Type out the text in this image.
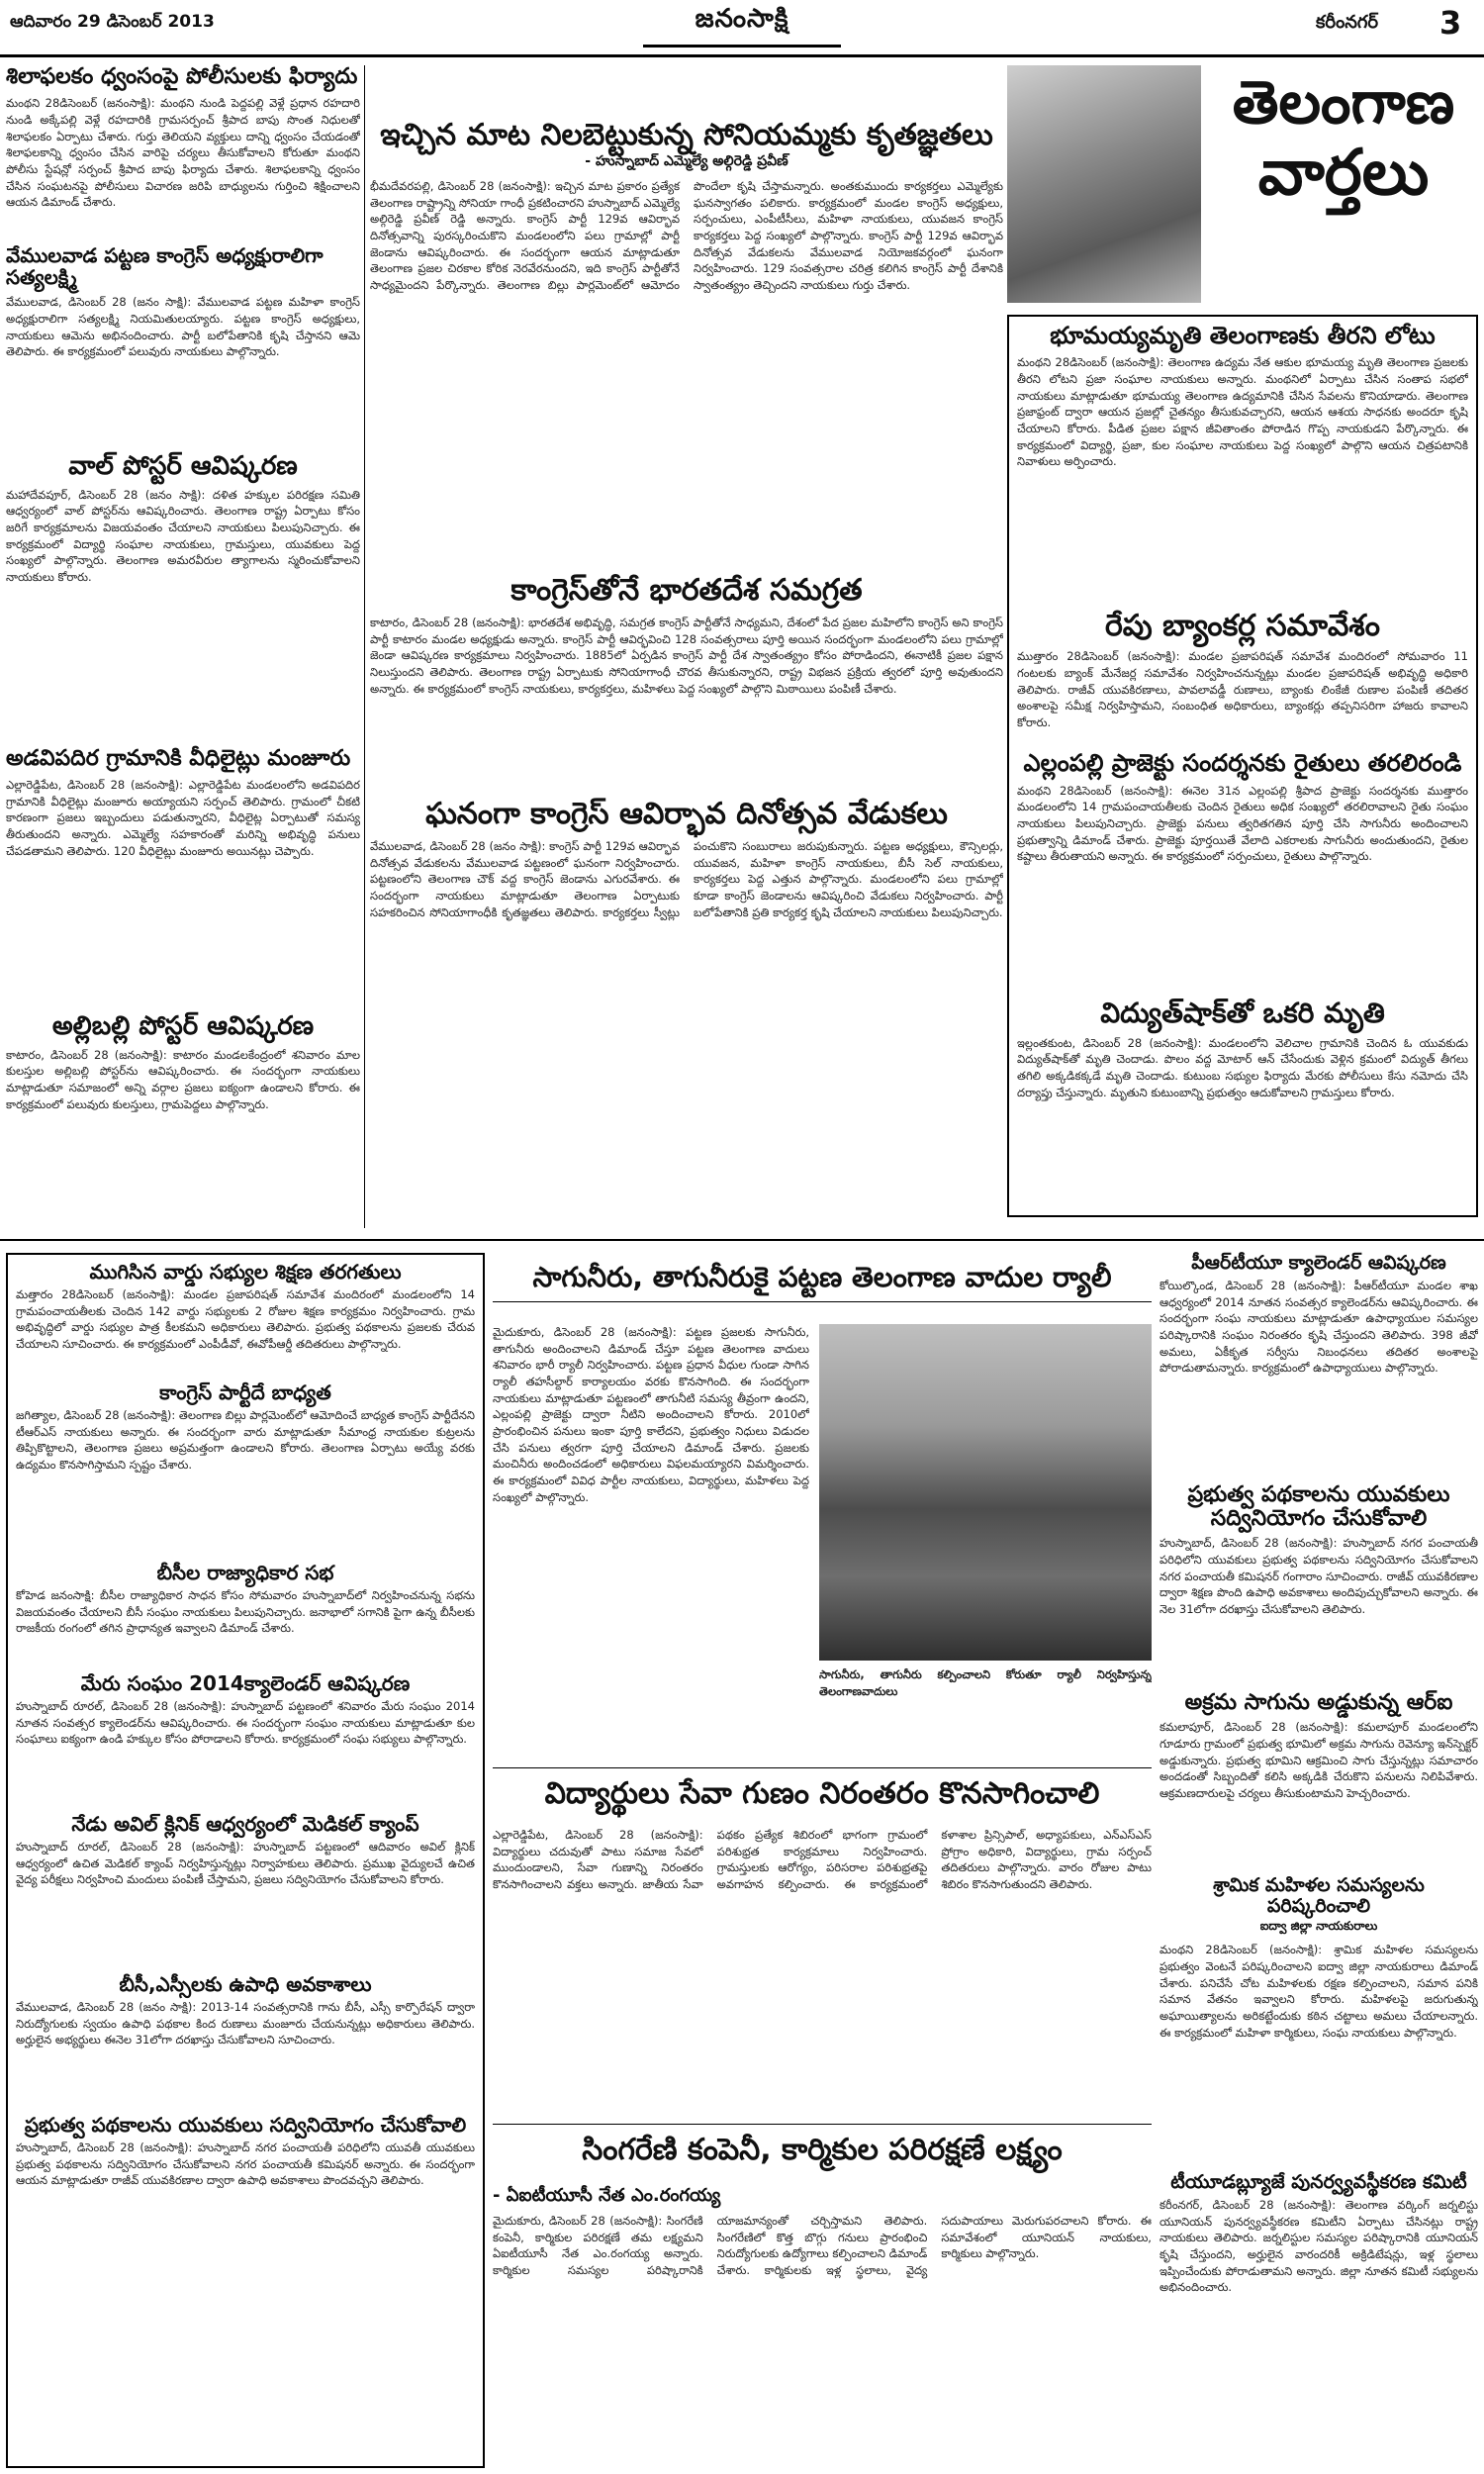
ఆదివారం 29 డిసెంబర్ 2013	జనంసాక్షి	కరీంనగర్ 3
శిలాఫలకం ధ్వంసంపై పోలీసులకు ఫిర్యాదు
మంథని 28డిసెంబర్ (జనంసాక్షి): మంథని నుండి పెద్దపల్లి వెళ్లే ప్రధాన రహదారి నుండి అక్కేపల్లి వెళ్లే రహదారికి గ్రామసర్పంచ్ శ్రీపాద బాపు సొంత నిధులతో శిలాఫలకం ఏర్పాటు చేశారు. గుర్తు తెలియని వ్యక్తులు దాన్ని ధ్వంసం చేయడంతో శిలాఫలకాన్ని ధ్వంసం చేసిన వారిపై చర్యలు తీసుకోవాలని కోరుతూ మంథని పోలీసు స్టేషన్లో సర్పంచ్ శ్రీపాద బాపు ఫిర్యాదు చేశారు. శిలాఫలకాన్ని ధ్వంసం చేసిన సంఘటనపై పోలీసులు విచారణ జరిపి బాధ్యులను గుర్తించి శిక్షించాలని ఆయన డిమాండ్ చేశారు.
వేములవాడ పట్టణ కాంగ్రెస్ అధ్యక్షురాలిగా సత్యలక్ష్మి
వేములవాడ, డిసెంబర్ 28 (జనం సాక్షి): వేములవాడ పట్టణ మహిళా కాంగ్రెస్ అధ్యక్షురాలిగా సత్యలక్ష్మి నియమితులయ్యారు. పట్టణ కాంగ్రెస్ అధ్యక్షులు, నాయకులు ఆమెను అభినందించారు. పార్టీ బలోపేతానికి కృషి చేస్తానని ఆమె తెలిపారు. ఈ కార్యక్రమంలో పలువురు నాయకులు పాల్గొన్నారు.
వాల్ పోస్టర్ ఆవిష్కరణ
మహాదేవపూర్, డిసెంబర్ 28 (జనం సాక్షి): దళిత హక్కుల పరిరక్షణ సమితి ఆధ్వర్యంలో వాల్ పోస్టర్‌ను ఆవిష్కరించారు. తెలంగాణ రాష్ట్ర ఏర్పాటు కోసం జరిగే కార్యక్రమాలను విజయవంతం చేయాలని నాయకులు పిలుపునిచ్చారు. ఈ కార్యక్రమంలో విద్యార్థి సంఘాల నాయకులు, గ్రామస్తులు, యువకులు పెద్ద సంఖ్యలో పాల్గొన్నారు. తెలంగాణ అమరవీరుల త్యాగాలను స్మరించుకోవాలని నాయకులు కోరారు.
అడవిపదిర గ్రామానికి వీధిలైట్లు మంజూరు
ఎల్లారెడ్డిపేట, డిసెంబర్ 28 (జనంసాక్షి): ఎల్లారెడ్డిపేట మండలంలోని అడవిపదిర గ్రామానికి వీధిలైట్లు మంజూరు అయ్యాయని సర్పంచ్ తెలిపారు. గ్రామంలో చీకటి కారణంగా ప్రజలు ఇబ్బందులు పడుతున్నారని, వీధిలైట్ల ఏర్పాటుతో సమస్య తీరుతుందని అన్నారు. ఎమ్మెల్యే సహకారంతో మరిన్ని అభివృద్ధి పనులు చేపడతామని తెలిపారు. 120 వీధిలైట్లు మంజూరు అయినట్లు చెప్పారు.
అల్లిబల్లి పోస్టర్ ఆవిష్కరణ
కాటారం, డిసెంబర్ 28 (జనంసాక్షి): కాటారం మండలకేంద్రంలో శనివారం మాల కులస్తుల అల్లిబల్లి పోస్టర్‌ను ఆవిష్కరించారు. ఈ సందర్భంగా నాయకులు మాట్లాడుతూ సమాజంలో అన్ని వర్గాల ప్రజలు ఐక్యంగా ఉండాలని కోరారు. ఈ కార్యక్రమంలో పలువురు కులస్తులు, గ్రామపెద్దలు పాల్గొన్నారు.
ఇచ్చిన మాట నిలబెట్టుకున్న సోనియమ్మకు కృతజ్ఞతలు
- హుస్నాబాద్ ఎమ్మెల్యే అల్గిరెడ్డి ప్రవీణ్
భీమదేవరపల్లి, డిసెంబర్ 28 (జనంసాక్షి): ఇచ్చిన మాట ప్రకారం ప్రత్యేక తెలంగాణ రాష్ట్రాన్ని సోనియా గాంధీ ప్రకటించారని హుస్నాబాద్ ఎమ్మెల్యే అల్గిరెడ్డి ప్రవీణ్ రెడ్డి అన్నారు. కాంగ్రెస్ పార్టీ 129వ ఆవిర్భావ దినోత్సవాన్ని పురస్కరించుకొని మండలంలోని పలు గ్రామాల్లో పార్టీ జెండాను ఆవిష్కరించారు. ఈ సందర్భంగా ఆయన మాట్లాడుతూ తెలంగాణ ప్రజల చిరకాల కోరిక నెరవేరనుందని, ఇది కాంగ్రెస్ పార్టీతోనే సాధ్యమైందని పేర్కొన్నారు. తెలంగాణ బిల్లు పార్లమెంట్‌లో ఆమోదం పొందేలా కృషి చేస్తామన్నారు. అంతకుముందు కార్యకర్తలు ఎమ్మెల్యేకు ఘనస్వాగతం పలికారు. కార్యక్రమంలో మండల కాంగ్రెస్ అధ్యక్షులు, సర్పంచులు, ఎంపీటీసీలు, మహిళా నాయకులు, యువజన కాంగ్రెస్ కార్యకర్తలు పెద్ద సంఖ్యలో పాల్గొన్నారు. కాంగ్రెస్ పార్టీ 129వ ఆవిర్భావ దినోత్సవ వేడుకలను వేములవాడ నియోజకవర్గంలో ఘనంగా నిర్వహించారు. 129 సంవత్సరాల చరిత్ర కలిగిన కాంగ్రెస్ పార్టీ దేశానికి స్వాతంత్య్రం తెచ్చిందని నాయకులు గుర్తు చేశారు.
కాంగ్రెస్‌తోనే భారతదేశ సమగ్రత
కాటారం, డిసెంబర్ 28 (జనంసాక్షి): భారతదేశ అభివృద్ధి, సమగ్రత కాంగ్రెస్ పార్టీతోనే సాధ్యమని, దేశంలో పేద ప్రజల మహిలోని కాంగ్రెస్ అని కాంగ్రెస్ పార్టీ కాటారం మండల అధ్యక్షుడు అన్నారు. కాంగ్రెస్ పార్టీ ఆవిర్భవించి 128 సంవత్సరాలు పూర్తి అయిన సందర్భంగా మండలంలోని పలు గ్రామాల్లో జెండా ఆవిష్కరణ కార్యక్రమాలు నిర్వహించారు. 1885లో ఏర్పడిన కాంగ్రెస్ పార్టీ దేశ స్వాతంత్య్రం కోసం పోరాడిందని, ఈనాటికీ ప్రజల పక్షాన నిలుస్తుందని తెలిపారు. తెలంగాణ రాష్ట్ర ఏర్పాటుకు సోనియాగాంధీ చొరవ తీసుకున్నారని, రాష్ట్ర విభజన ప్రక్రియ త్వరలో పూర్తి అవుతుందని అన్నారు. ఈ కార్యక్రమంలో కాంగ్రెస్ నాయకులు, కార్యకర్తలు, మహిళలు పెద్ద సంఖ్యలో పాల్గొని మిఠాయిలు పంపిణీ చేశారు.
ఘనంగా కాంగ్రెస్ ఆవిర్భావ దినోత్సవ వేడుకలు
వేములవాడ, డిసెంబర్ 28 (జనం సాక్షి): కాంగ్రెస్ పార్టీ 129వ ఆవిర్భావ దినోత్సవ వేడుకలను వేములవాడ పట్టణంలో ఘనంగా నిర్వహించారు. పట్టణంలోని తెలంగాణ చౌక్ వద్ద కాంగ్రెస్ జెండాను ఎగురవేశారు. ఈ సందర్భంగా నాయకులు మాట్లాడుతూ తెలంగాణ ఏర్పాటుకు సహకరించిన సోనియాగాంధీకి కృతజ్ఞతలు తెలిపారు. కార్యకర్తలు స్వీట్లు పంచుకొని సంబురాలు జరుపుకున్నారు. పట్టణ అధ్యక్షులు, కౌన్సిలర్లు, యువజన, మహిళా కాంగ్రెస్ నాయకులు, బీసీ సెల్ నాయకులు, కార్యకర్తలు పెద్ద ఎత్తున పాల్గొన్నారు. మండలంలోని పలు గ్రామాల్లో కూడా కాంగ్రెస్ జెండాలను ఆవిష్కరించి వేడుకలు నిర్వహించారు. పార్టీ బలోపేతానికి ప్రతి కార్యకర్త కృషి చేయాలని నాయకులు పిలుపునిచ్చారు.
తెలంగాణ
వార్తలు
భూమయ్యమృతి తెలంగాణకు తీరని లోటు
మంథని 28డిసెంబర్ (జనంసాక్షి): తెలంగాణ ఉద్యమ నేత ఆకుల భూమయ్య మృతి తెలంగాణ ప్రజలకు తీరని లోటని ప్రజా సంఘాల నాయకులు అన్నారు. మంథనిలో ఏర్పాటు చేసిన సంతాప సభలో నాయకులు మాట్లాడుతూ భూమయ్య తెలంగాణ ఉద్యమానికి చేసిన సేవలను కొనియాడారు. తెలంగాణ ప్రజాఫ్రంట్ ద్వారా ఆయన ప్రజల్లో చైతన్యం తీసుకువచ్చారని, ఆయన ఆశయ సాధనకు అందరూ కృషి చేయాలని కోరారు. పీడిత ప్రజల పక్షాన జీవితాంతం పోరాడిన గొప్ప నాయకుడని పేర్కొన్నారు. ఈ కార్యక్రమంలో విద్యార్థి, ప్రజా, కుల సంఘాల నాయకులు పెద్ద సంఖ్యలో పాల్గొని ఆయన చిత్రపటానికి నివాళులు అర్పించారు.
రేపు బ్యాంకర్ల సమావేశం
ముత్తారం 28డిసెంబర్ (జనంసాక్షి): మండల ప్రజాపరిషత్ సమావేశ మందిరంలో సోమవారం 11 గంటలకు బ్యాంక్ మేనేజర్ల సమావేశం నిర్వహించనున్నట్లు మండల ప్రజాపరిషత్ అభివృద్ధి అధికారి తెలిపారు. రాజీవ్ యువకిరణాలు, పావలావడ్డీ రుణాలు, బ్యాంకు లింకేజీ రుణాల పంపిణీ తదితర అంశాలపై సమీక్ష నిర్వహిస్తామని, సంబంధిత అధికారులు, బ్యాంకర్లు తప్పనిసరిగా హాజరు కావాలని కోరారు.
ఎల్లంపల్లి ప్రాజెక్టు సందర్శనకు రైతులు తరలిరండి
మంథని 28డిసెంబర్ (జనంసాక్షి): ఈనెల 31న ఎల్లంపల్లి శ్రీపాద ప్రాజెక్టు సందర్శనకు ముత్తారం మండలంలోని 14 గ్రామపంచాయతీలకు చెందిన రైతులు అధిక సంఖ్యలో తరలిరావాలని రైతు సంఘం నాయకులు పిలుపునిచ్చారు. ప్రాజెక్టు పనులు త్వరితగతిన పూర్తి చేసి సాగునీరు అందించాలని ప్రభుత్వాన్ని డిమాండ్ చేశారు. ప్రాజెక్టు పూర్తయితే వేలాది ఎకరాలకు సాగునీరు అందుతుందని, రైతుల కష్టాలు తీరుతాయని అన్నారు. ఈ కార్యక్రమంలో సర్పంచులు, రైతులు పాల్గొన్నారు.
విద్యుత్‌షాక్‌తో ఒకరి మృతి
ఇల్లంతకుంట, డిసెంబర్ 28 (జనంసాక్షి): మండలంలోని వెలిచాల గ్రామానికి చెందిన ఓ యువకుడు విద్యుత్‌షాక్‌తో మృతి చెందాడు. పొలం వద్ద మోటార్ ఆన్ చేసేందుకు వెళ్లిన క్రమంలో విద్యుత్ తీగలు తగిలి అక్కడికక్కడే మృతి చెందాడు. కుటుంబ సభ్యుల ఫిర్యాదు మేరకు పోలీసులు కేసు నమోదు చేసి దర్యాప్తు చేస్తున్నారు. మృతుని కుటుంబాన్ని ప్రభుత్వం ఆదుకోవాలని గ్రామస్తులు కోరారు.
ముగిసిన వార్డు సభ్యుల శిక్షణ తరగతులు
మత్తారం 28డిసెంబర్ (జనంసాక్షి): మండల ప్రజాపరిషత్ సమావేశ మందిరంలో మండలంలోని 14 గ్రామపంచాయతీలకు చెందిన 142 వార్డు సభ్యులకు 2 రోజుల శిక్షణ కార్యక్రమం నిర్వహించారు. గ్రామ అభివృద్ధిలో వార్డు సభ్యుల పాత్ర కీలకమని అధికారులు తెలిపారు. ప్రభుత్వ పథకాలను ప్రజలకు చేరువ చేయాలని సూచించారు. ఈ కార్యక్రమంలో ఎంపీడీవో, ఈవోపీఆర్డీ తదితరులు పాల్గొన్నారు.
కాంగ్రెస్ పార్టీదే బాధ్యత
జగిత్యాల, డిసెంబర్ 28 (జనంసాక్షి): తెలంగాణ బిల్లు పార్లమెంట్‌లో ఆమోదించే బాధ్యత కాంగ్రెస్ పార్టీదేనని టీఆర్ఎస్ నాయకులు అన్నారు. ఈ సందర్భంగా వారు మాట్లాడుతూ సీమాంధ్ర నాయకుల కుట్రలను తిప్పికొట్టాలని, తెలంగాణ ప్రజలు అప్రమత్తంగా ఉండాలని కోరారు. తెలంగాణ ఏర్పాటు అయ్యే వరకు ఉద్యమం కొనసాగిస్తామని స్పష్టం చేశారు.
బీసీల రాజ్యాధికార సభ
కోహెడ జనంసాక్షి: బీసీల రాజ్యాధికార సాధన కోసం సోమవారం హుస్నాబాద్‌లో నిర్వహించనున్న సభను విజయవంతం చేయాలని బీసీ సంఘం నాయకులు పిలుపునిచ్చారు. జనాభాలో సగానికి పైగా ఉన్న బీసీలకు రాజకీయ రంగంలో తగిన ప్రాధాన్యత ఇవ్వాలని డిమాండ్ చేశారు.
మేరు సంఘం 2014క్యాలెండర్ ఆవిష్కరణ
హుస్నాబాద్ రూరల్, డిసెంబర్ 28 (జనంసాక్షి): హుస్నాబాద్ పట్టణంలో శనివారం మేరు సంఘం 2014 నూతన సంవత్సర క్యాలెండర్‌ను ఆవిష్కరించారు. ఈ సందర్భంగా సంఘం నాయకులు మాట్లాడుతూ కుల సంఘాలు ఐక్యంగా ఉండి హక్కుల కోసం పోరాడాలని కోరారు. కార్యక్రమంలో సంఘ సభ్యులు పాల్గొన్నారు.
నేడు అవిల్ క్లినిక్ ఆధ్వర్యంలో మెడికల్ క్యాంప్
హుస్నాబాద్ రూరల్, డిసెంబర్ 28 (జనంసాక్షి): హుస్నాబాద్ పట్టణంలో ఆదివారం అవిల్ క్లినిక్ ఆధ్వర్యంలో ఉచిత మెడికల్ క్యాంప్ నిర్వహిస్తున్నట్లు నిర్వాహకులు తెలిపారు. ప్రముఖ వైద్యులచే ఉచిత వైద్య పరీక్షలు నిర్వహించి మందులు పంపిణీ చేస్తామని, ప్రజలు సద్వినియోగం చేసుకోవాలని కోరారు.
బీసీ,ఎస్సీలకు ఉపాధి అవకాశాలు
వేములవాడ, డిసెంబర్ 28 (జనం సాక్షి): 2013-14 సంవత్సరానికి గాను బీసీ, ఎస్సీ కార్పొరేషన్ ద్వారా నిరుద్యోగులకు స్వయం ఉపాధి పథకాల కింద రుణాలు మంజూరు చేయనున్నట్లు అధికారులు తెలిపారు. అర్హులైన అభ్యర్థులు ఈనెల 31లోగా దరఖాస్తు చేసుకోవాలని సూచించారు.
ప్రభుత్వ పథకాలను యువకులు సద్వినియోగం చేసుకోవాలి
హుస్నాబాద్, డిసెంబర్ 28 (జనంసాక్షి): హుస్నాబాద్ నగర పంచాయతీ పరిధిలోని యువతీ యువకులు ప్రభుత్వ పథకాలను సద్వినియోగం చేసుకోవాలని నగర పంచాయతీ కమిషనర్ అన్నారు. ఈ సందర్భంగా ఆయన మాట్లాడుతూ రాజీవ్ యువకిరణాల ద్వారా ఉపాధి అవకాశాలు పొందవచ్చని తెలిపారు.
సాగునీరు, తాగునీరుకై పట్టణ తెలంగాణ వాదుల ర్యాలీ
మైదుకూరు, డిసెంబర్ 28 (జనంసాక్షి): పట్టణ ప్రజలకు సాగునీరు, తాగునీరు అందించాలని డిమాండ్ చేస్తూ పట్టణ తెలంగాణ వాదులు శనివారం భారీ ర్యాలీ నిర్వహించారు. పట్టణ ప్రధాన వీధుల గుండా సాగిన ర్యాలీ తహసీల్దార్ కార్యాలయం వరకు కొనసాగింది. ఈ సందర్భంగా నాయకులు మాట్లాడుతూ పట్టణంలో తాగునీటి సమస్య తీవ్రంగా ఉందని, ఎల్లంపల్లి ప్రాజెక్టు ద్వారా నీటిని అందించాలని కోరారు. 2010లో ప్రారంభించిన పనులు ఇంకా పూర్తి కాలేదని, ప్రభుత్వం నిధులు విడుదల చేసి పనులు త్వరగా పూర్తి చేయాలని డిమాండ్ చేశారు. ప్రజలకు మంచినీరు అందించడంలో అధికారులు విఫలమయ్యారని విమర్శించారు. ఈ కార్యక్రమంలో వివిధ పార్టీల నాయకులు, విద్యార్థులు, మహిళలు పెద్ద సంఖ్యలో పాల్గొన్నారు.
సాగునీరు, తాగునీరు కల్పించాలని కోరుతూ ర్యాలీ నిర్వహిస్తున్న తెలంగాణవాదులు
విద్యార్థులు సేవా గుణం నిరంతరం కొనసాగించాలి
ఎల్లారెడ్డిపేట, డిసెంబర్ 28 (జనంసాక్షి): విద్యార్థులు చదువుతో పాటు సమాజ సేవలో ముందుండాలని, సేవా గుణాన్ని నిరంతరం కొనసాగించాలని వక్తలు అన్నారు. జాతీయ సేవా పథకం ప్రత్యేక శిబిరంలో భాగంగా గ్రామంలో పరిశుభ్రత కార్యక్రమాలు నిర్వహించారు. గ్రామస్తులకు ఆరోగ్యం, పరిసరాల పరిశుభ్రతపై అవగాహన కల్పించారు. ఈ కార్యక్రమంలో కళాశాల ప్రిన్సిపాల్, అధ్యాపకులు, ఎన్ఎస్ఎస్ ప్రోగ్రాం అధికారి, విద్యార్థులు, గ్రామ సర్పంచ్ తదితరులు పాల్గొన్నారు. వారం రోజుల పాటు శిబిరం కొనసాగుతుందని తెలిపారు.
సింగరేణి కంపెనీ, కార్మికుల పరిరక్షణే లక్ష్యం
- ఏఐటీయూసీ నేత ఎం.రంగయ్య
మైదుకూరు, డిసెంబర్ 28 (జనంసాక్షి): సింగరేణి కంపెనీ, కార్మికుల పరిరక్షణే తమ లక్ష్యమని ఏఐటీయూసీ నేత ఎం.రంగయ్య అన్నారు. కార్మికుల సమస్యల పరిష్కారానికి యాజమాన్యంతో చర్చిస్తామని తెలిపారు. సింగరేణిలో కొత్త బొగ్గు గనులు ప్రారంభించి నిరుద్యోగులకు ఉద్యోగాలు కల్పించాలని డిమాండ్ చేశారు. కార్మికులకు ఇళ్ల స్థలాలు, వైద్య సదుపాయాలు మెరుగుపరచాలని కోరారు. ఈ సమావేశంలో యూనియన్ నాయకులు, కార్మికులు పాల్గొన్నారు.
పీఆర్‌టీయూ క్యాలెండర్ ఆవిష్కరణ
కోయిల్కొండ, డిసెంబర్ 28 (జనంసాక్షి): పీఆర్‌టీయూ మండల శాఖ ఆధ్వర్యంలో 2014 నూతన సంవత్సర క్యాలెండర్‌ను ఆవిష్కరించారు. ఈ సందర్భంగా సంఘ నాయకులు మాట్లాడుతూ ఉపాధ్యాయుల సమస్యల పరిష్కారానికి సంఘం నిరంతరం కృషి చేస్తుందని తెలిపారు. 398 జీవో అమలు, ఏకీకృత సర్వీసు నిబంధనలు తదితర అంశాలపై పోరాడుతామన్నారు. కార్యక్రమంలో ఉపాధ్యాయులు పాల్గొన్నారు.
ప్రభుత్వ పథకాలను యువకులు సద్వినియోగం చేసుకోవాలి
హుస్నాబాద్, డిసెంబర్ 28 (జనంసాక్షి): హుస్నాబాద్ నగర పంచాయతీ పరిధిలోని యువకులు ప్రభుత్వ పథకాలను సద్వినియోగం చేసుకోవాలని నగర పంచాయతీ కమిషనర్ గంగారాం సూచించారు. రాజీవ్ యువకిరణాల ద్వారా శిక్షణ పొంది ఉపాధి అవకాశాలు అందిపుచ్చుకోవాలని అన్నారు. ఈ నెల 31లోగా దరఖాస్తు చేసుకోవాలని తెలిపారు.
అక్రమ సాగును అడ్డుకున్న ఆర్ఐ
కమలాపూర్, డిసెంబర్ 28 (జనంసాక్షి): కమలాపూర్ మండలంలోని గూడూరు గ్రామంలో ప్రభుత్వ భూమిలో అక్రమ సాగును రెవెన్యూ ఇన్‌స్పెక్టర్ అడ్డుకున్నారు. ప్రభుత్వ భూమిని ఆక్రమించి సాగు చేస్తున్నట్లు సమాచారం అందడంతో సిబ్బందితో కలిసి అక్కడికి చేరుకొని పనులను నిలిపివేశారు. ఆక్రమణదారులపై చర్యలు తీసుకుంటామని హెచ్చరించారు.
శ్రామిక మహిళల సమస్యలను పరిష్కరించాలి
ఐద్వా జిల్లా నాయకురాలు
మంథని 28డిసెంబర్ (జనంసాక్షి): శ్రామిక మహిళల సమస్యలను ప్రభుత్వం వెంటనే పరిష్కరించాలని ఐద్వా జిల్లా నాయకురాలు డిమాండ్ చేశారు. పనిచేసే చోట మహిళలకు రక్షణ కల్పించాలని, సమాన పనికి సమాన వేతనం ఇవ్వాలని కోరారు. మహిళలపై జరుగుతున్న అఘాయిత్యాలను అరికట్టేందుకు కఠిన చట్టాలు అమలు చేయాలన్నారు. ఈ కార్యక్రమంలో మహిళా కార్మికులు, సంఘ నాయకులు పాల్గొన్నారు.
టీయూడబ్ల్యూజే పునర్వ్యవస్థీకరణ కమిటీ
కరీంనగర్, డిసెంబర్ 28 (జనంసాక్షి): తెలంగాణ వర్కింగ్ జర్నలిస్టు యూనియన్ పునర్వ్యవస్థీకరణ కమిటీని ఏర్పాటు చేసినట్లు రాష్ట్ర నాయకులు తెలిపారు. జర్నలిస్టుల సమస్యల పరిష్కారానికి యూనియన్ కృషి చేస్తుందని, అర్హులైన వారందరికీ అక్రిడిటేషన్లు, ఇళ్ల స్థలాలు ఇప్పించేందుకు పోరాడుతామని అన్నారు. జిల్లా నూతన కమిటీ సభ్యులను అభినందించారు.
